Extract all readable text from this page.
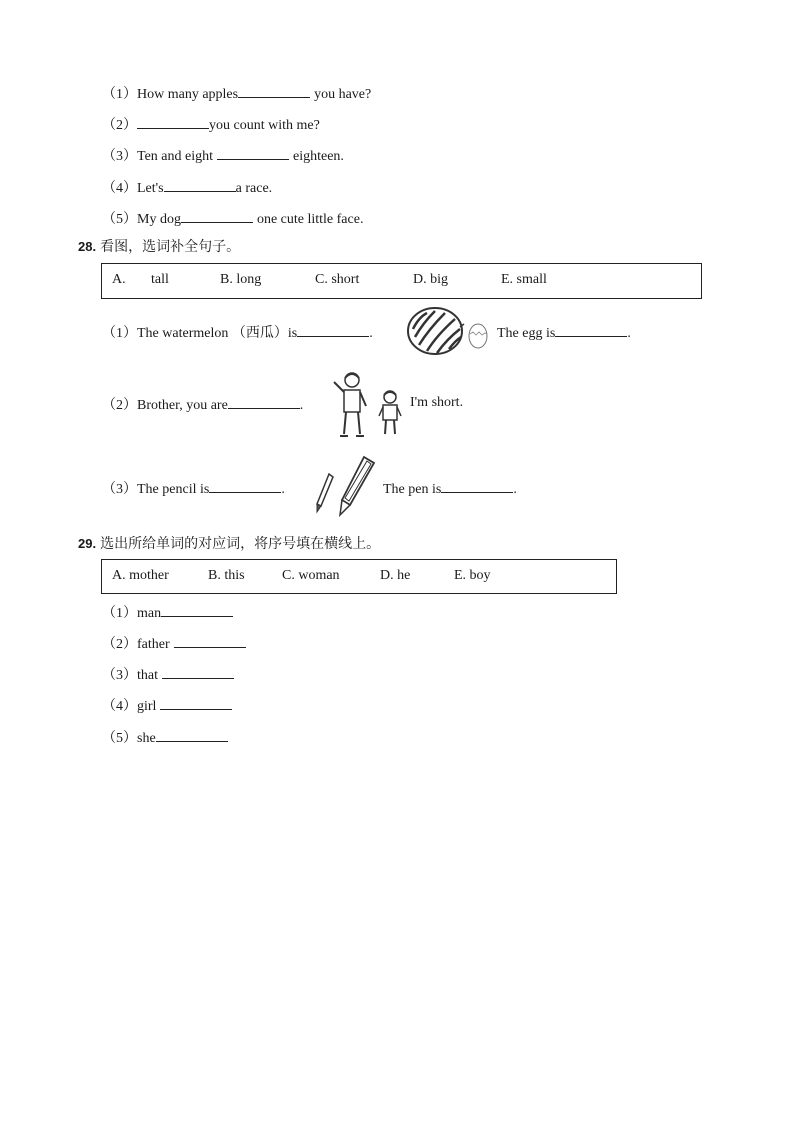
（1）How many apples	you have?
（2）	you count with me?
（3）Ten and eight	eighteen.
（4）Let's	a race.
（5）My dog	one cute little face.
28. 看图，选词补全句子。
A. tall	B. long	C. short	D. big	E. small
（1）The watermelon （西瓜）is	.	The egg is	.
（2）Brother, you are	.	I'm short.
（3）The pencil is	.	The pen is	.
29. 选出所给单词的对应词，将序号填在横线上。
A. mother	B. this	C. woman	D. he	E. boy
（1）man
（2）father
（3）that
（4）girl
（5）she
